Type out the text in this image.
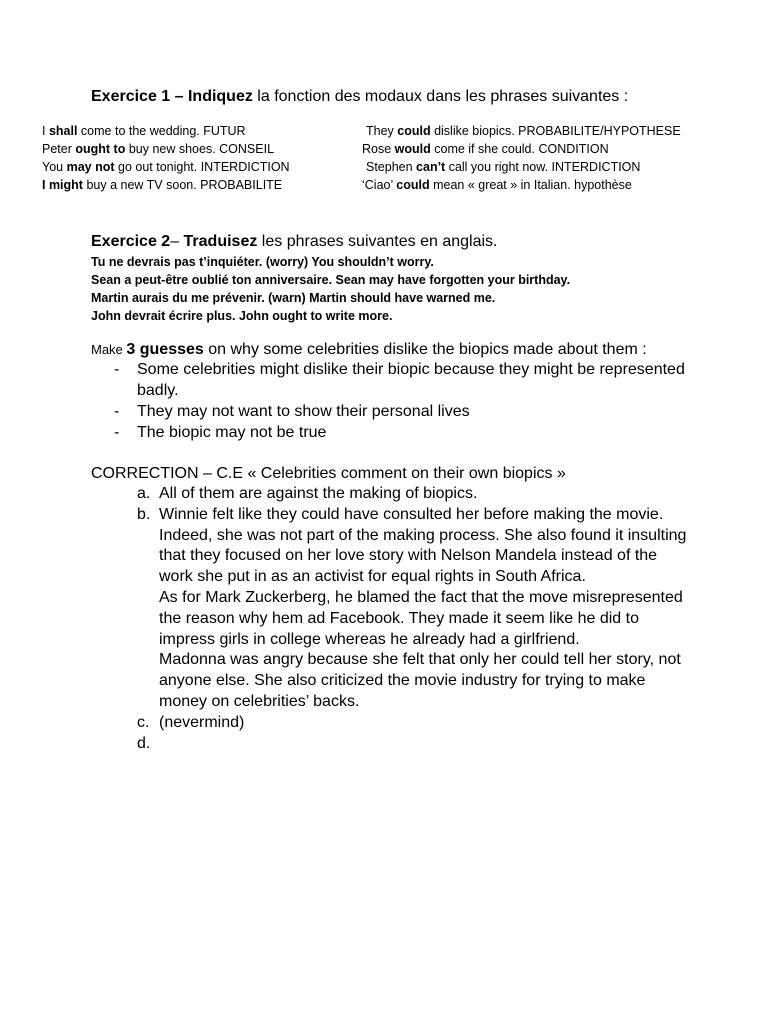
Exercice 1 – Indiquez la fonction des modaux dans les phrases suivantes :
I shall come to the wedding. FUTUR
Peter ought to buy new shoes. CONSEIL
You may not go out tonight. INTERDICTION
I might buy a new TV soon. PROBABILITE
They could dislike biopics. PROBABILITE/HYPOTHESE
Rose would come if she could. CONDITION
Stephen can’t call you right now. INTERDICTION
‘Ciao’ could mean « great » in Italian. hypothèse
Exercice 2– Traduisez les phrases suivantes en anglais.
Tu ne devrais pas t’inquiéter. (worry) You shouldn’t worry.
Sean a peut-être oublié ton anniversaire. Sean may have forgotten your birthday.
Martin aurais du me prévenir. (warn) Martin should have warned me.
John devrait écrire plus. John ought to write more.
Make 3 guesses on why some celebrities dislike the biopics made about them :
- Some celebrities might dislike their biopic because they might be represented badly.
- They may not want to show their personal lives
- The biopic may not be true
CORRECTION – C.E « Celebrities comment on their own biopics »
a. All of them are against the making of biopics.

b. Winnie felt like they could have consulted her before making the movie. Indeed, she was not part of the making process. She also found it insulting that they focused on her love story with Nelson Mandela instead of the work she put in as an activist for equal rights in South Africa.

As for Mark Zuckerberg, he blamed the fact that the move misrepresented the reason why hem ad Facebook. They made it seem like he did to impress girls in college whereas he already had a girlfriend.

Madonna was angry because she felt that only her could tell her story, not anyone else. She also criticized the movie industry for trying to make money on celebrities’ backs.

c. (nevermind)

d.
